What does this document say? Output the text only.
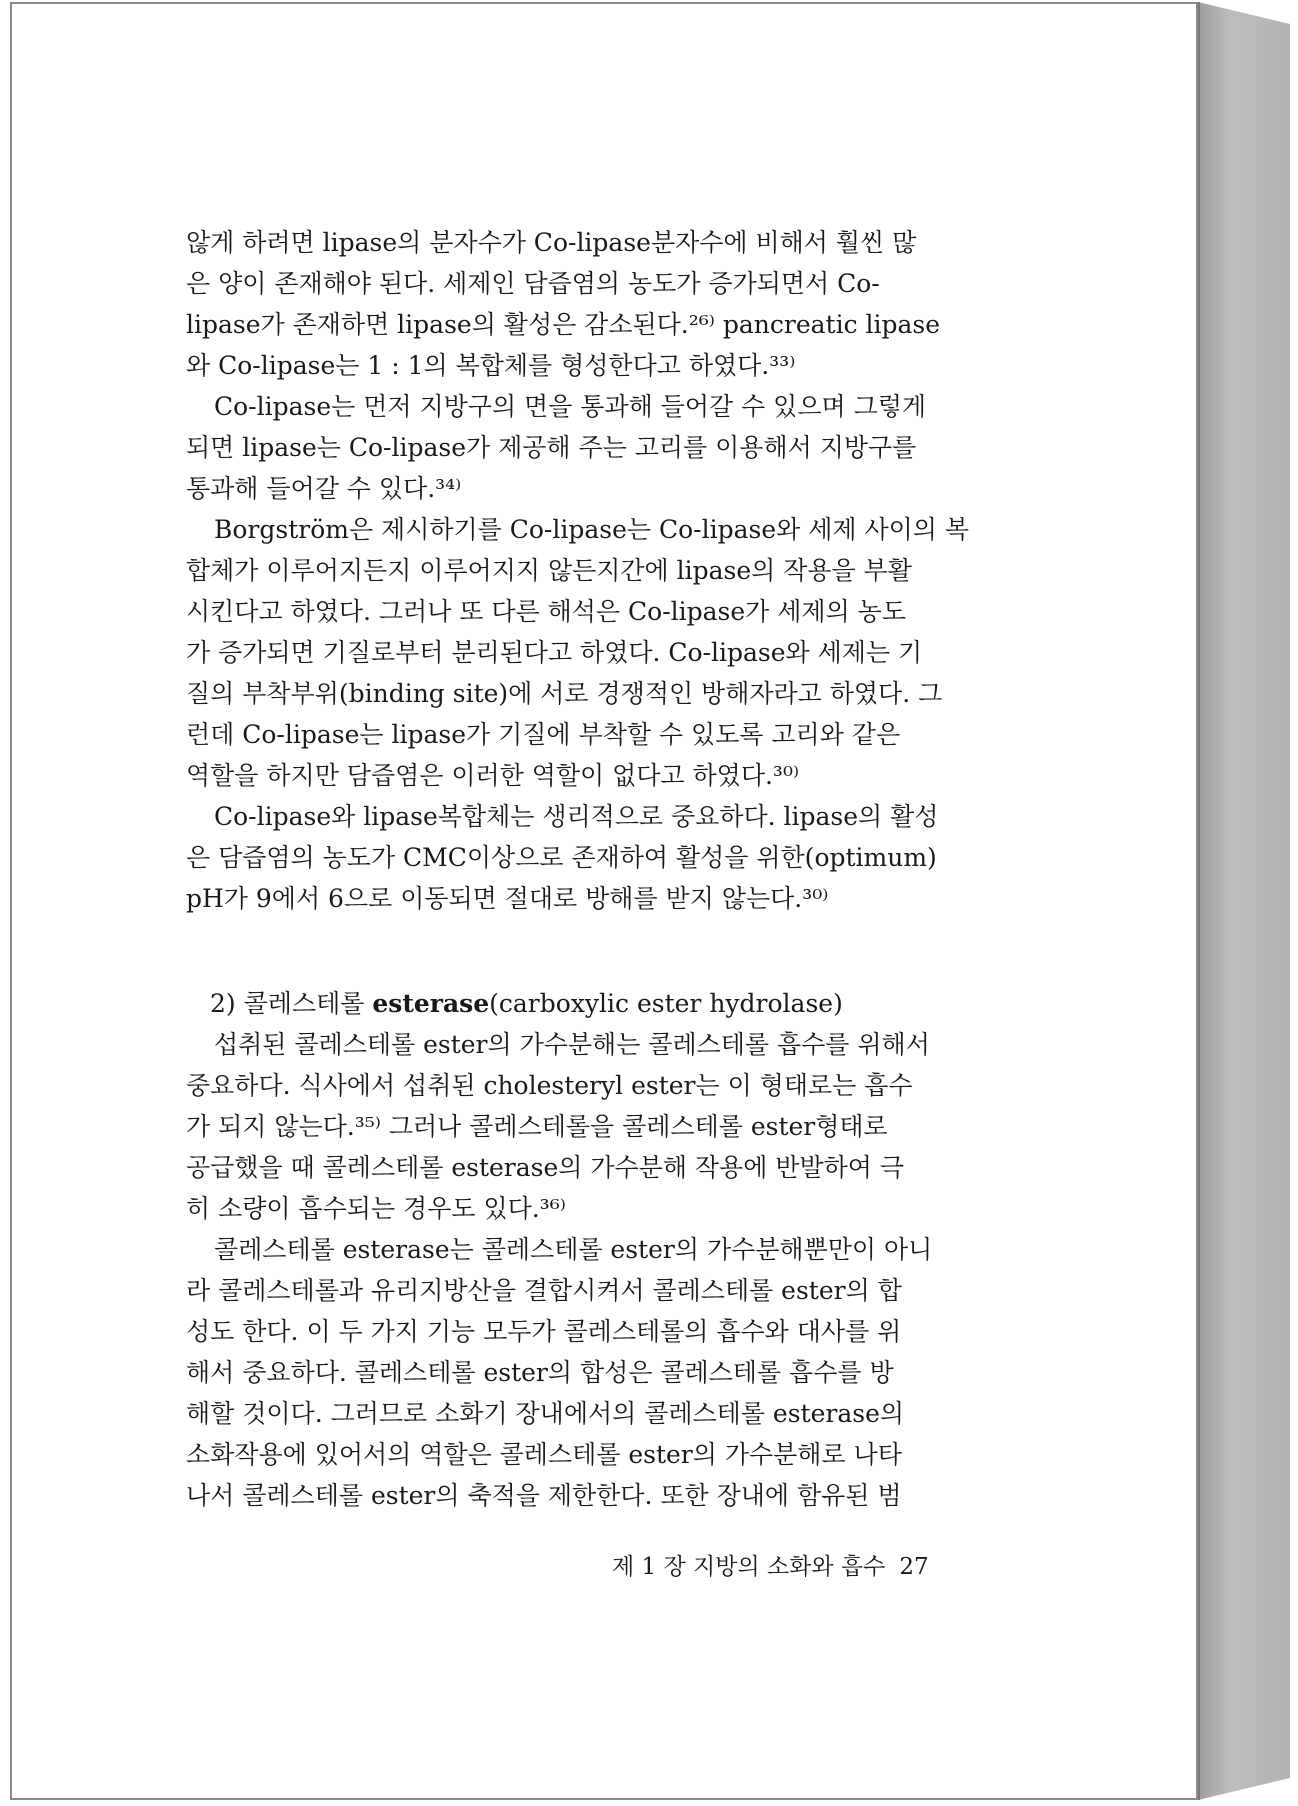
않게 하려면 lipase의 분자수가 Co-lipase분자수에 비해서 훨씬 많
은 양이 존재해야 된다. 세제인 담즙염의 농도가 증가되면서 Co-
lipase가 존재하면 lipase의 활성은 감소된다.²⁶⁾ pancreatic lipase
와 Co-lipase는 1 : 1의 복합체를 형성한다고 하였다.³³⁾

Co-lipase는 먼저 지방구의 면을 통과해 들어갈 수 있으며 그렇게
되면 lipase는 Co-lipase가 제공해 주는 고리를 이용해서 지방구를
통과해 들어갈 수 있다.³⁴⁾

Borgström은 제시하기를 Co-lipase는 Co-lipase와 세제 사이의 복
합체가 이루어지든지 이루어지지 않든지간에 lipase의 작용을 부활
시킨다고 하였다. 그러나 또 다른 해석은 Co-lipase가 세제의 농도
가 증가되면 기질로부터 분리된다고 하였다. Co-lipase와 세제는 기
질의 부착부위(binding site)에 서로 경쟁적인 방해자라고 하였다. 그
런데 Co-lipase는 lipase가 기질에 부착할 수 있도록 고리와 같은
역할을 하지만 담즙염은 이러한 역할이 없다고 하였다.³⁰⁾

Co-lipase와 lipase복합체는 생리적으로 중요하다. lipase의 활성
은 담즙염의 농도가 CMC이상으로 존재하여 활성을 위한(optimum)
pH가 9에서 6으로 이동되면 절대로 방해를 받지 않는다.³⁰⁾

2) 콜레스테롤 esterase(carboxylic ester hydrolase)

섭취된 콜레스테롤 ester의 가수분해는 콜레스테롤 흡수를 위해서
중요하다. 식사에서 섭취된 cholesteryl ester는 이 형태로는 흡수
가 되지 않는다.³⁵⁾ 그러나 콜레스테롤을 콜레스테롤 ester형태로
공급했을 때 콜레스테롤 esterase의 가수분해 작용에 반발하여 극
히 소량이 흡수되는 경우도 있다.³⁶⁾

콜레스테롤 esterase는 콜레스테롤 ester의 가수분해뿐만이 아니
라 콜레스테롤과 유리지방산을 결합시켜서 콜레스테롤 ester의 합
성도 한다. 이 두 가지 기능 모두가 콜레스테롤의 흡수와 대사를 위
해서 중요하다. 콜레스테롤 ester의 합성은 콜레스테롤 흡수를 방
해할 것이다. 그러므로 소화기 장내에서의 콜레스테롤 esterase의
소화작용에 있어서의 역할은 콜레스테롤 ester의 가수분해로 나타
나서 콜레스테롤 ester의 축적을 제한한다. 또한 장내에 함유된 범

제 1 장 지방의 소화와 흡수 27
